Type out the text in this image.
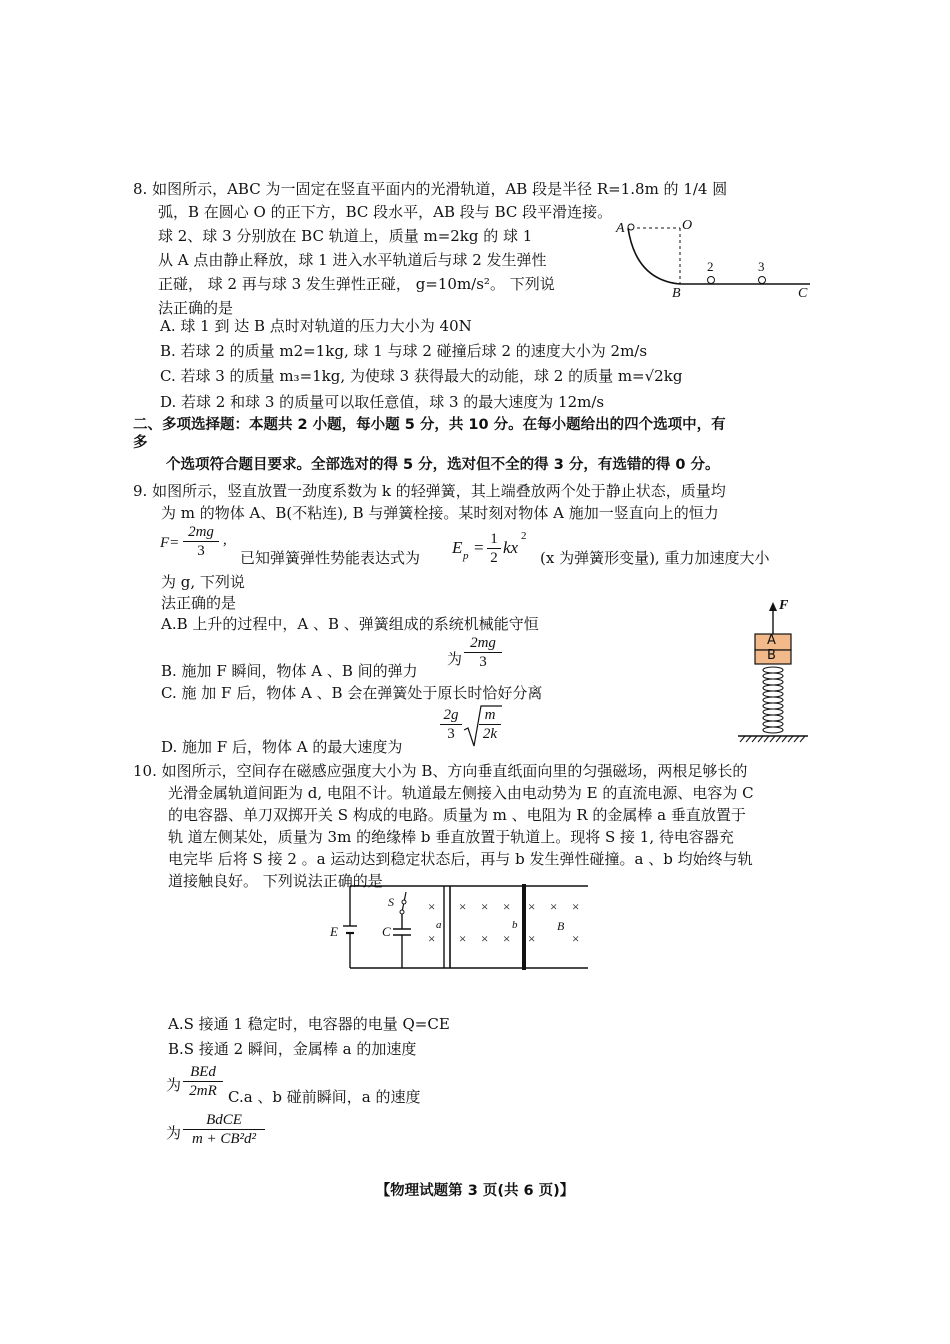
8. 如图所示，ABC 为一固定在竖直平面内的光滑轨道，AB 段是半径 R=1.8m 的 1/4 圆
弧，B 在圆心 O 的正下方，BC 段水平，AB 段与 BC 段平滑连接。
球 2、球 3 分别放在 BC 轨道上，质量 m=2kg 的 球 1
从 A 点由静止释放，球 1 进入水平轨道后与球 2 发生弹性
正碰， 球 2 再与球 3 发生弹性正碰， g=10m/s²。 下列说
法正确的是
A. 球 1 到 达 B 点时对轨道的压力大小为 40N
B. 若球 2 的质量 m2=1kg, 球 1 与球 2 碰撞后球 2 的速度大小为 2m/s
C. 若球 3 的质量 m₃=1kg, 为使球 3 获得最大的动能，球 2 的质量 m=√2kg
D. 若球 2 和球 3 的质量可以取任意值，球 3 的最大速度为 12m/s
A	O
B	C
2	3
二、多项选择题：本题共 2 小题，每小题 5 分，共 10 分。在每小题给出的四个选项中，有
多
个选项符合题目要求。全部选对的得 5 分，选对但不全的得 3 分，有选错的得 0 分。
9. 如图所示，竖直放置一劲度系数为 k 的轻弹簧，其上端叠放两个处于静止状态，质量均
为 m 的物体 A、B(不粘连), B 与弹簧栓接。某时刻对物体 A 施加一竖直向上的恒力
$F= \frac{2mg}{3}$ ,
已知弹簧弹性势能表达式为
E $p = \frac{1}{2}$ kx
2
(x 为弹簧形变量), 重力加速度大小
为 g, 下列说
法正确的是
A.B 上升的过程中，A 、B 、弹簧组成的系统机械能守恒
为 $\frac{2mg}{3}$
B. 施加 F 瞬间，物体 A 、B 间的弹力
C. 施 加 F 后，物体 A 、B 会在弹簧处于原长时恰好分离
$\frac{2g}{3} \frac{m}{2k}$
D. 施加 F 后，物体 A 的最大速度为
F
A
B
10. 如图所示，空间存在磁感应强度大小为 B、方向垂直纸面向里的匀强磁场，两根足够长的
光滑金属轨道间距为 d, 电阻不计。轨道最左侧接入由电动势为 E 的直流电源、电容为 C
的电容器、单刀双掷开关 S 构成的电路。质量为 m 、电阻为 R 的金属棒 a 垂直放置于
轨 道左侧某处，质量为 3m 的绝缘棒 b 垂直放置于轨道上。现将 S 接 1, 待电容器充
电完毕 后将 S 接 2 。a 运动达到稳定状态后，再与 b 发生弹性碰撞。a 、b 均始终与轨
道接触良好。 下列说法正确的是
S
E	C	a	b	B
×
×
× × ×
× × ×
× × ×
×	×
A.S 接通 1 稳定时，电容器的电量 Q=CE
B.S 接通 2 瞬间，金属棒 a 的加速度
为
BEd
2mR C.a 、b 碰前瞬间，a 的速度
为
BdCE
m + CB²d²
【物理试题第 3 页(共 6 页)】
